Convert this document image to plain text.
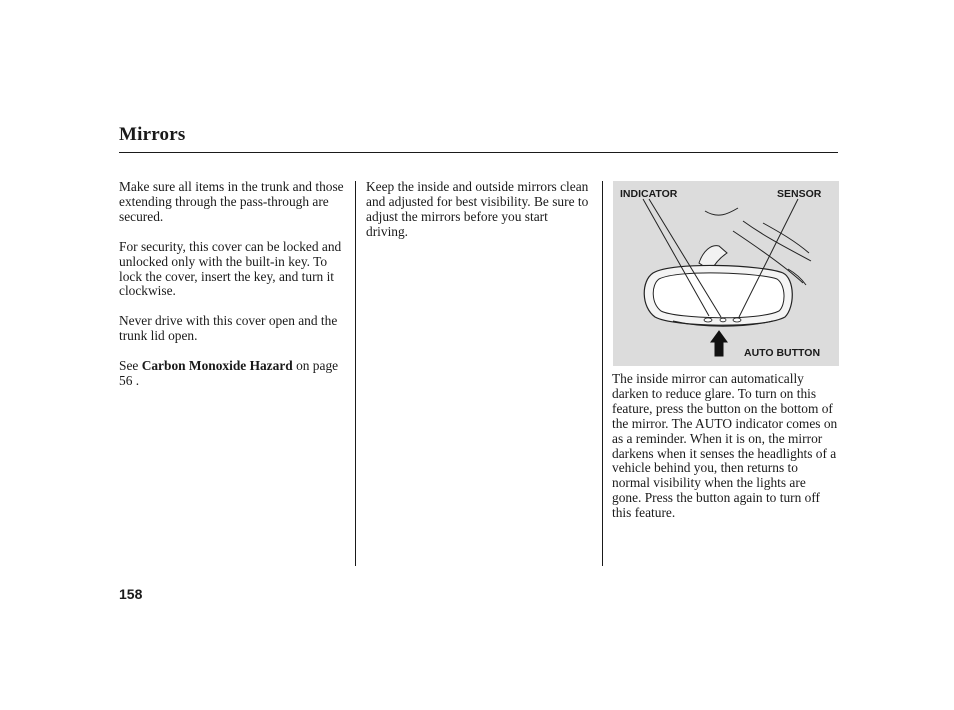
Mirrors

Make sure all items in the trunk and those extending through the pass-through are secured.

For security, this cover can be locked and unlocked only with the built-in key. To lock the cover, insert the key, and turn it clockwise.

Never drive with this cover open and the trunk lid open.

See Carbon Monoxide Hazard on page 56 .

Keep the inside and outside mirrors clean and adjusted for best visibility. Be sure to adjust the mirrors before you start driving.

INDICATOR	SENSOR
AUTO BUTTON

The inside mirror can automatically darken to reduce glare. To turn on this feature, press the button on the bottom of the mirror. The AUTO indicator comes on as a reminder. When it is on, the mirror darkens when it senses the headlights of a vehicle behind you, then returns to normal visibility when the lights are gone. Press the button again to turn off this feature.

158
